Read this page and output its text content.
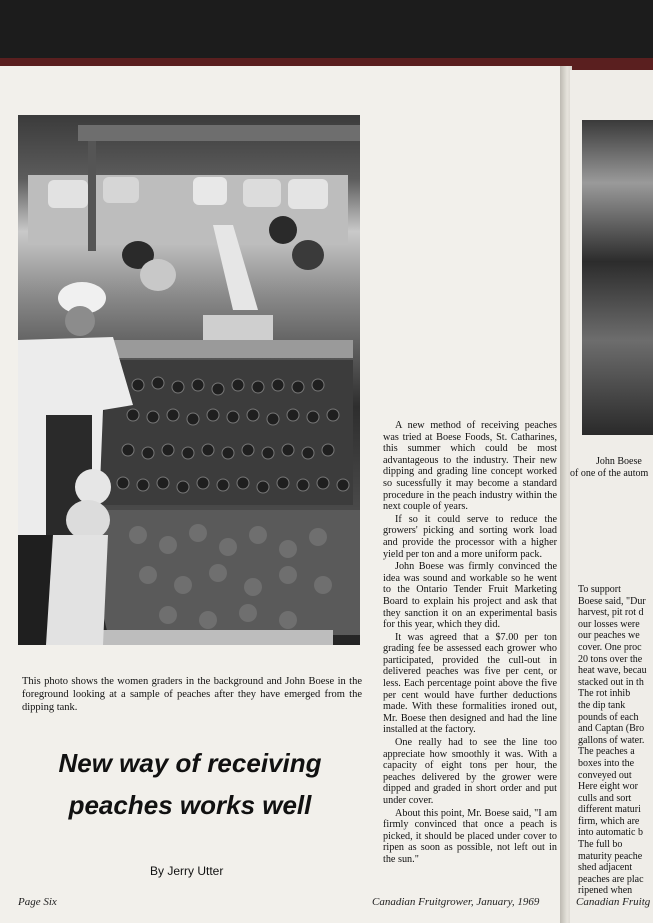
This photo shows the women graders in the background and John Boese in the foreground looking at a sample of peaches after they have emerged from the dipping tank.

New way of receiving
peaches works well
By Jerry Utter

A new method of receiving peaches was tried at Boese Foods, St. Catharines, this summer which could be most advantageous to the industry. Their new dipping and grading line concept worked so sucessfully it may become a standard procedure in the peach industry within the next couple of years.

If so it could serve to reduce the growers' picking and sorting work load and provide the processor with a higher yield per ton and a more uniform pack.

John Boese was firmly convinced the idea was sound and workable so he went to the Ontario Tender Fruit Marketing Board to explain his project and ask that they sanction it on an experimental basis for this year, which they did.

It was agreed that a $7.00 per ton grading fee be assessed each grower who participated, provided the cull-out in delivered peaches was five per cent, or less. Each percentage point above the five per cent would have further deductions made. With these formalities ironed out, Mr. Boese then designed and had the line installed at the factory.

One really had to see the line too appreciate how smoothly it was. With a capacity of eight tons per hour, the peaches delivered by the grower were dipped and graded in short order and put under cover.

About this point, Mr. Boese said, "I am firmly convinced that once a peach is picked, it should be placed under cover to ripen as soon as possible, not left out in the sun."

Page Six	Canadian Fruitgrower, January, 1969
John Boese
of one of the autom
To support
Boese said, "Dur
harvest, pit rot d
our losses were
our peaches we
cover. One proc
20 tons over the
heat wave, becau
stacked out in th
The rot inhib
the dip tank
pounds of each
and Captan (Bro
gallons of water.
The peaches a
boxes into the
conveyed out
Here eight wor
culls and sort
different maturi
firm, which are
into automatic b
The full bo
maturity peache
shed adjacent
peaches are plac
ripened when
Canadian Fruitg
